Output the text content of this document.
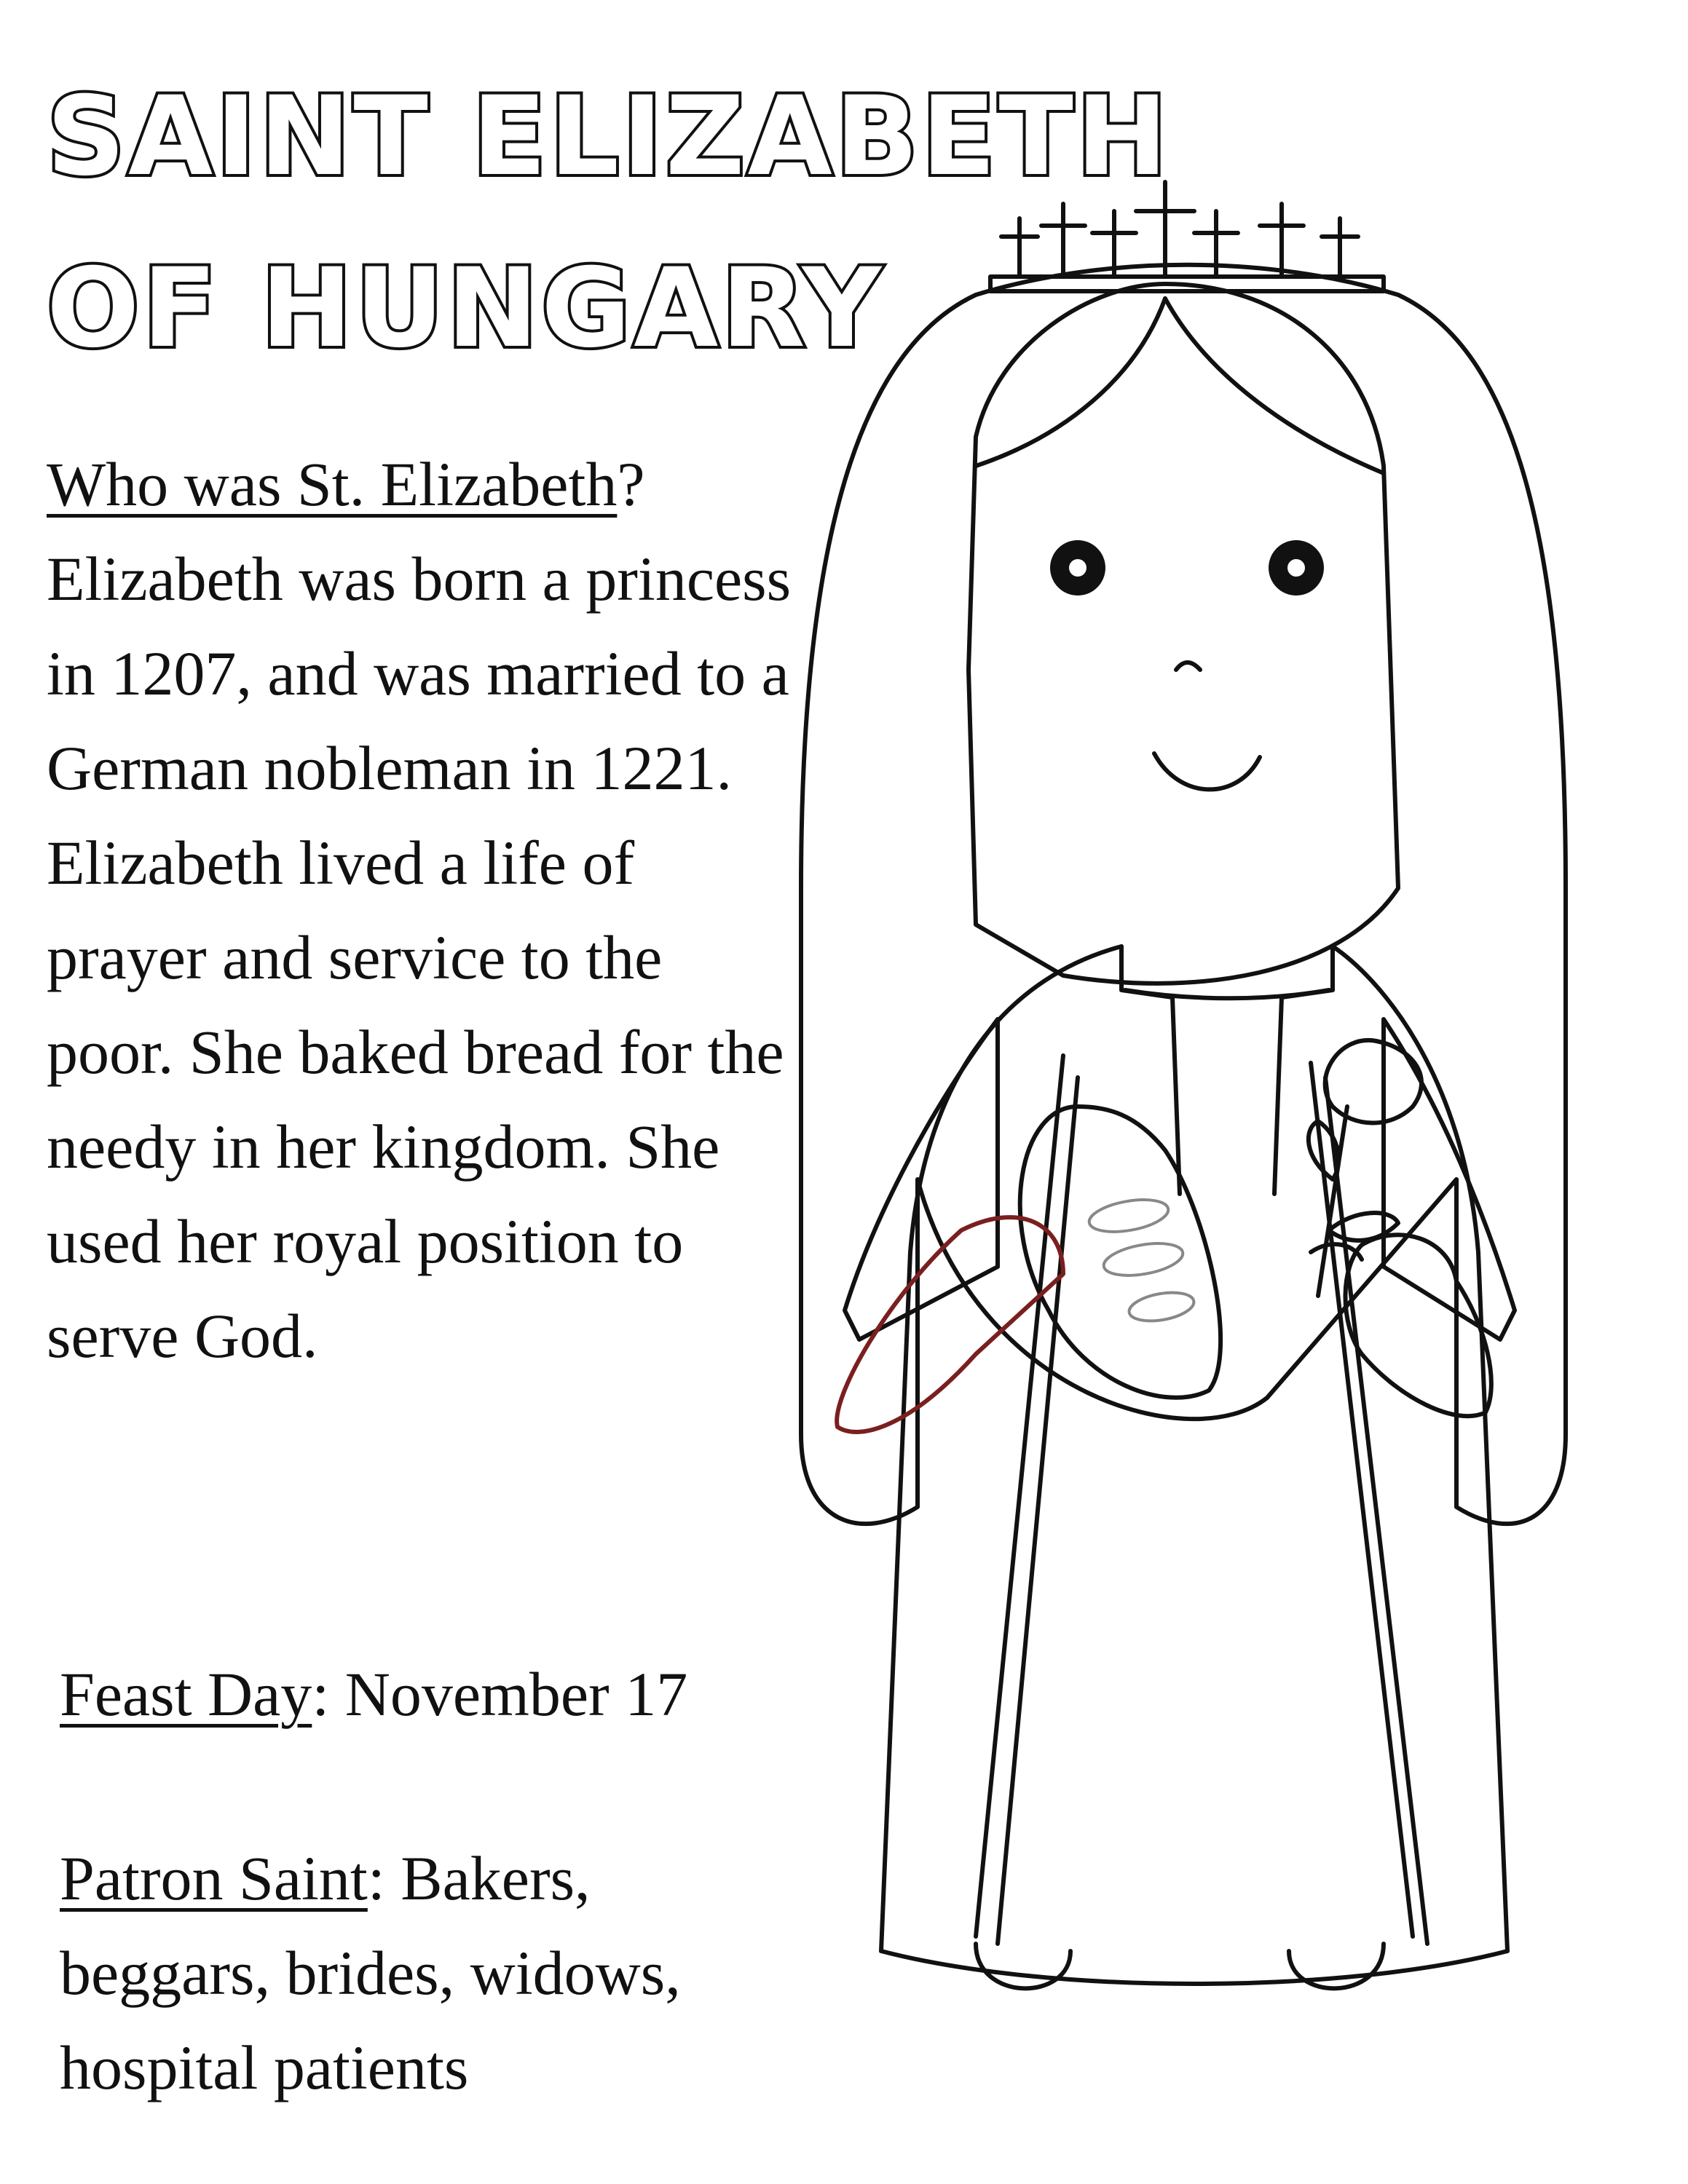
SAINT ELIZABETH
OF HUNGARY

Who was St. Elizabeth?
Elizabeth was born a princess in 1207, and was married to a German nobleman in 1221. Elizabeth lived a life of prayer and service to the poor. She baked bread for the needy in her kingdom. She used her royal position to serve God.

Feast Day: November 17

Patron Saint: Bakers, beggars, brides, widows, hospital patients
